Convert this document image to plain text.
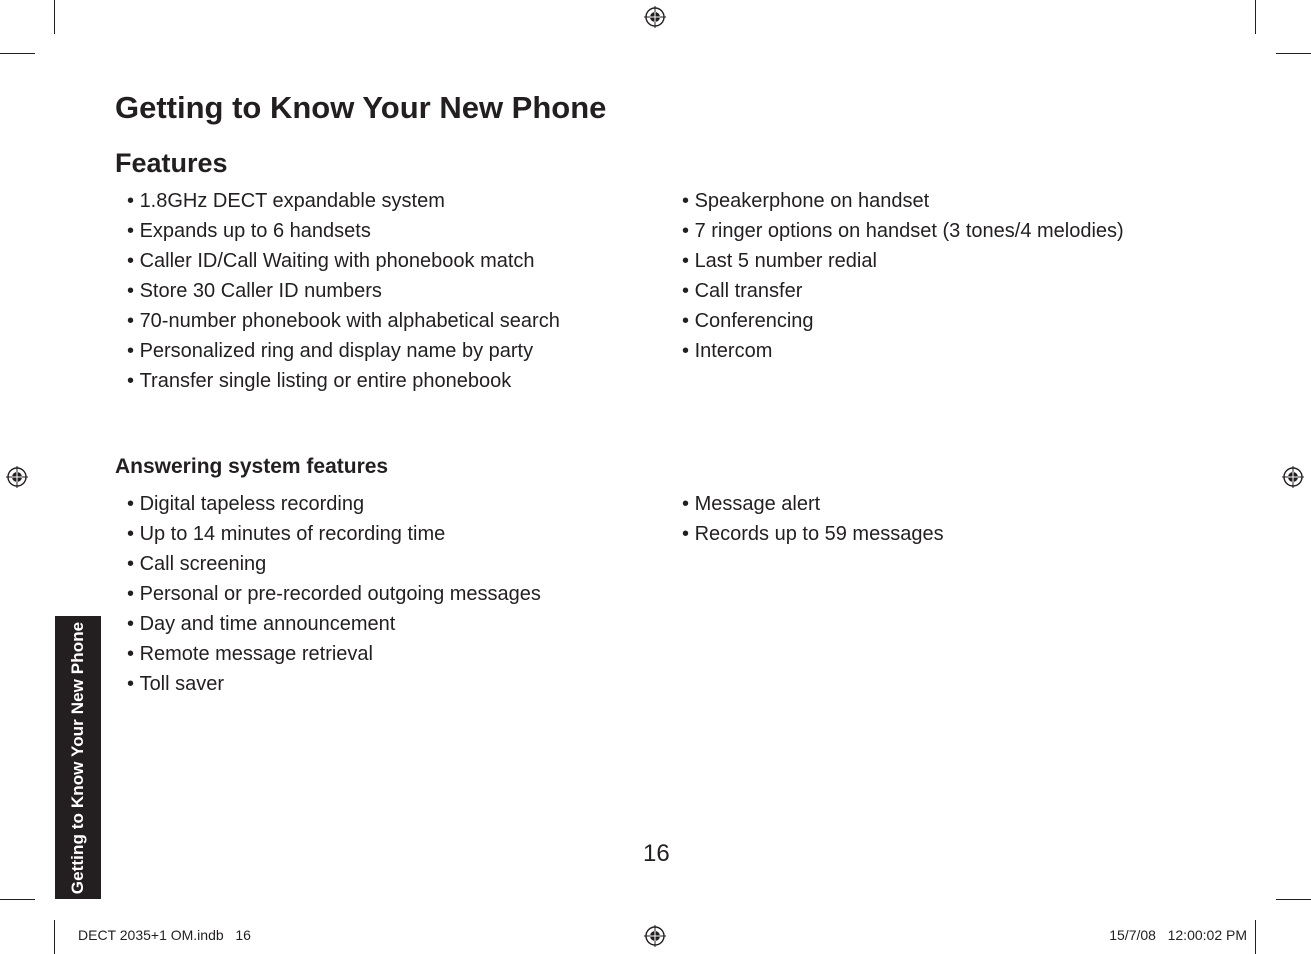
Getting to Know Your New Phone
Features
• 1.8GHz DECT expandable system
• Expands up to 6 handsets
• Caller ID/Call Waiting with phonebook match
• Store 30 Caller ID numbers
• 70-number phonebook with alphabetical search
• Personalized ring and display name by party
• Transfer single listing or entire phonebook
• Speakerphone on handset
• 7 ringer options on handset (3 tones/4 melodies)
• Last 5 number redial
• Call transfer
• Conferencing
• Intercom
Answering system features
• Digital tapeless recording
• Up to 14 minutes of recording time
• Call screening
• Personal or pre-recorded outgoing messages
• Day and time announcement
• Remote message retrieval
• Toll saver
• Message alert
• Records up to 59 messages
Getting to Know Your New Phone	16
DECT 2035+1 OM.indb   16	15/7/08   12:00:02 PM
